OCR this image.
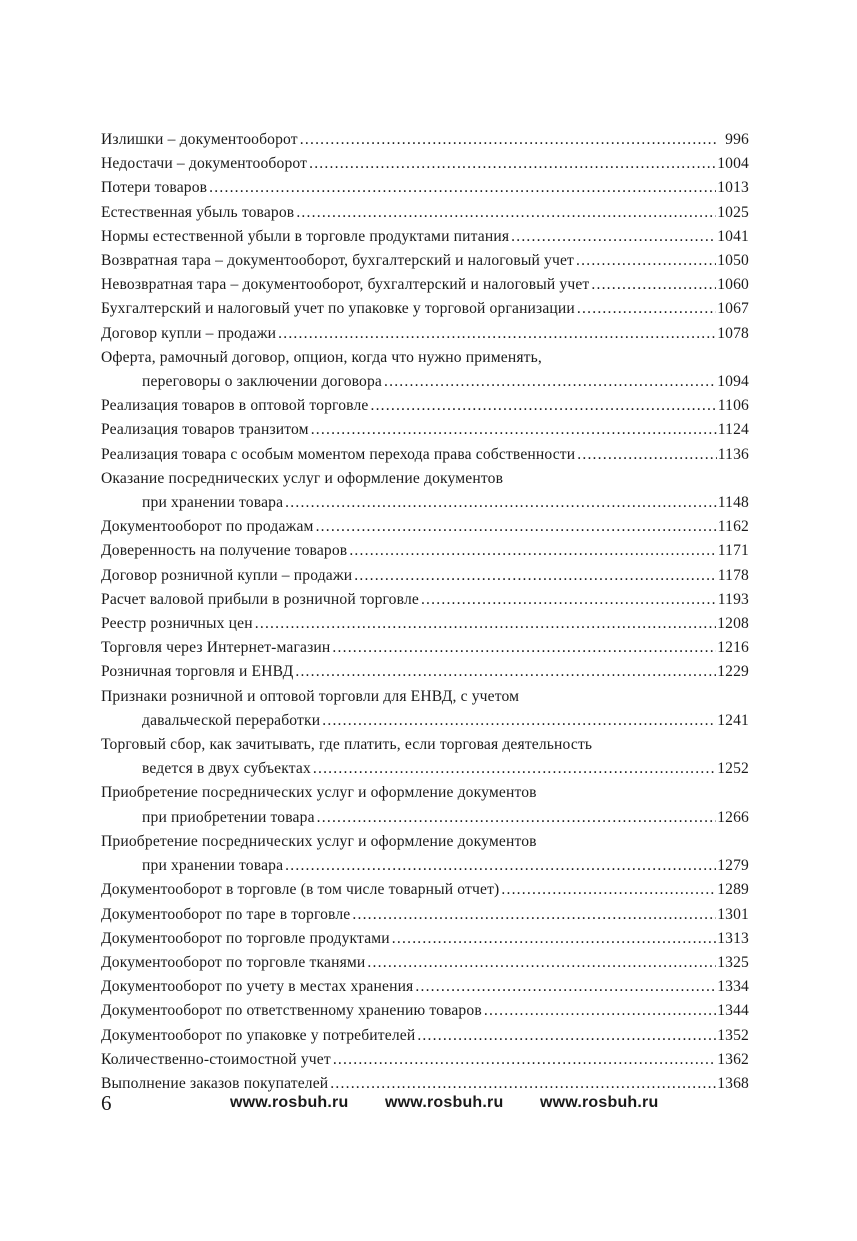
Излишки – документооборот .....	996
Недостачи – документооборот .....	1004
Потери товаров .....	1013
Естественная убыль товаров .....	1025
Нормы естественной убыли в торговле продуктами питания .....	1041
Возвратная тара – документооборот, бухгалтерский и налоговый учет .....	1050
Невозвратная тара – документооборот, бухгалтерский и налоговый учет .....	1060
Бухгалтерский и налоговый учет по упаковке у торговой организации .....	1067
Договор купли – продажи .....	1078
Оферта, рамочный договор, опцион, когда что нужно применять,
переговоры о заключении договора .....	1094
Реализация товаров в оптовой торговле .....	1106
Реализация товаров транзитом .....	1124
Реализация товара с особым моментом перехода права собственности .....	1136
Оказание посреднических услуг и оформление документов
при хранении товара .....	1148
Документооборот по продажам .....	1162
Доверенность на получение товаров .....	1171
Договор розничной купли – продажи .....	1178
Расчет валовой прибыли в розничной торговле .....	1193
Реестр розничных цен .....	1208
Торговля через Интернет-магазин .....	1216
Розничная торговля и ЕНВД .....	1229
Признаки розничной и оптовой торговли для ЕНВД, с учетом
давальческой переработки .....	1241
Торговый сбор, как зачитывать, где платить, если торговая деятельность
ведется в двух субъектах .....	1252
Приобретение посреднических услуг и оформление документов
при приобретении товара .....	1266
Приобретение посреднических услуг и оформление документов
при хранении товара .....	1279
Документооборот в торговле (в том числе товарный отчет) .....	1289
Документооборот по таре в торговле .....	1301
Документооборот по торговле продуктами .....	1313
Документооборот по торговле тканями .....	1325
Документооборот по учету в местах хранения .....	1334
Документооборот по ответственному хранению товаров .....	1344
Документооборот по упаковке у потребителей .....	1352
Количественно-стоимостной учет .....	1362
Выполнение заказов покупателей .....	1368
6	www.rosbuh.ru www.rosbuh.ru www.rosbuh.ru
